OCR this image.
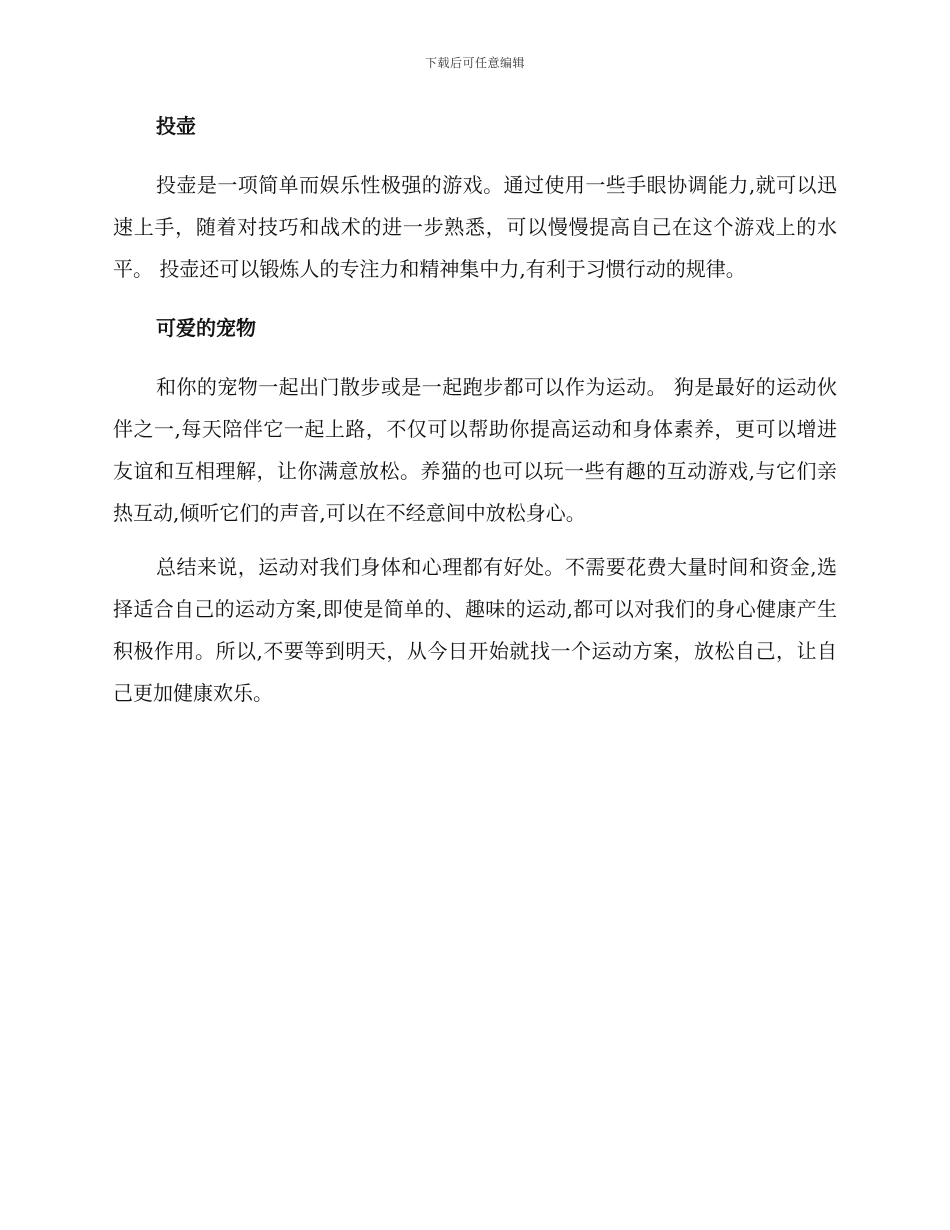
下载后可任意编辑
投壶

投壶是一项简单而娱乐性极强的游戏。通过使用一些手眼协调能力,就可以迅速上手，随着对技巧和战术的进一步熟悉，可以慢慢提高自己在这个游戏上的水平。 投壶还可以锻炼人的专注力和精神集中力,有利于习惯行动的规律。

可爱的宠物

和你的宠物一起出门散步或是一起跑步都可以作为运动。 狗是最好的运动伙伴之一,每天陪伴它一起上路，不仅可以帮助你提高运动和身体素养，更可以增进友谊和互相理解，让你满意放松。养猫的也可以玩一些有趣的互动游戏,与它们亲热互动,倾听它们的声音,可以在不经意间中放松身心。

总结来说，运动对我们身体和心理都有好处。不需要花费大量时间和资金,选择适合自己的运动方案,即使是简单的、趣味的运动,都可以对我们的身心健康产生积极作用。所以,不要等到明天，从今日开始就找一个运动方案，放松自己，让自己更加健康欢乐。
